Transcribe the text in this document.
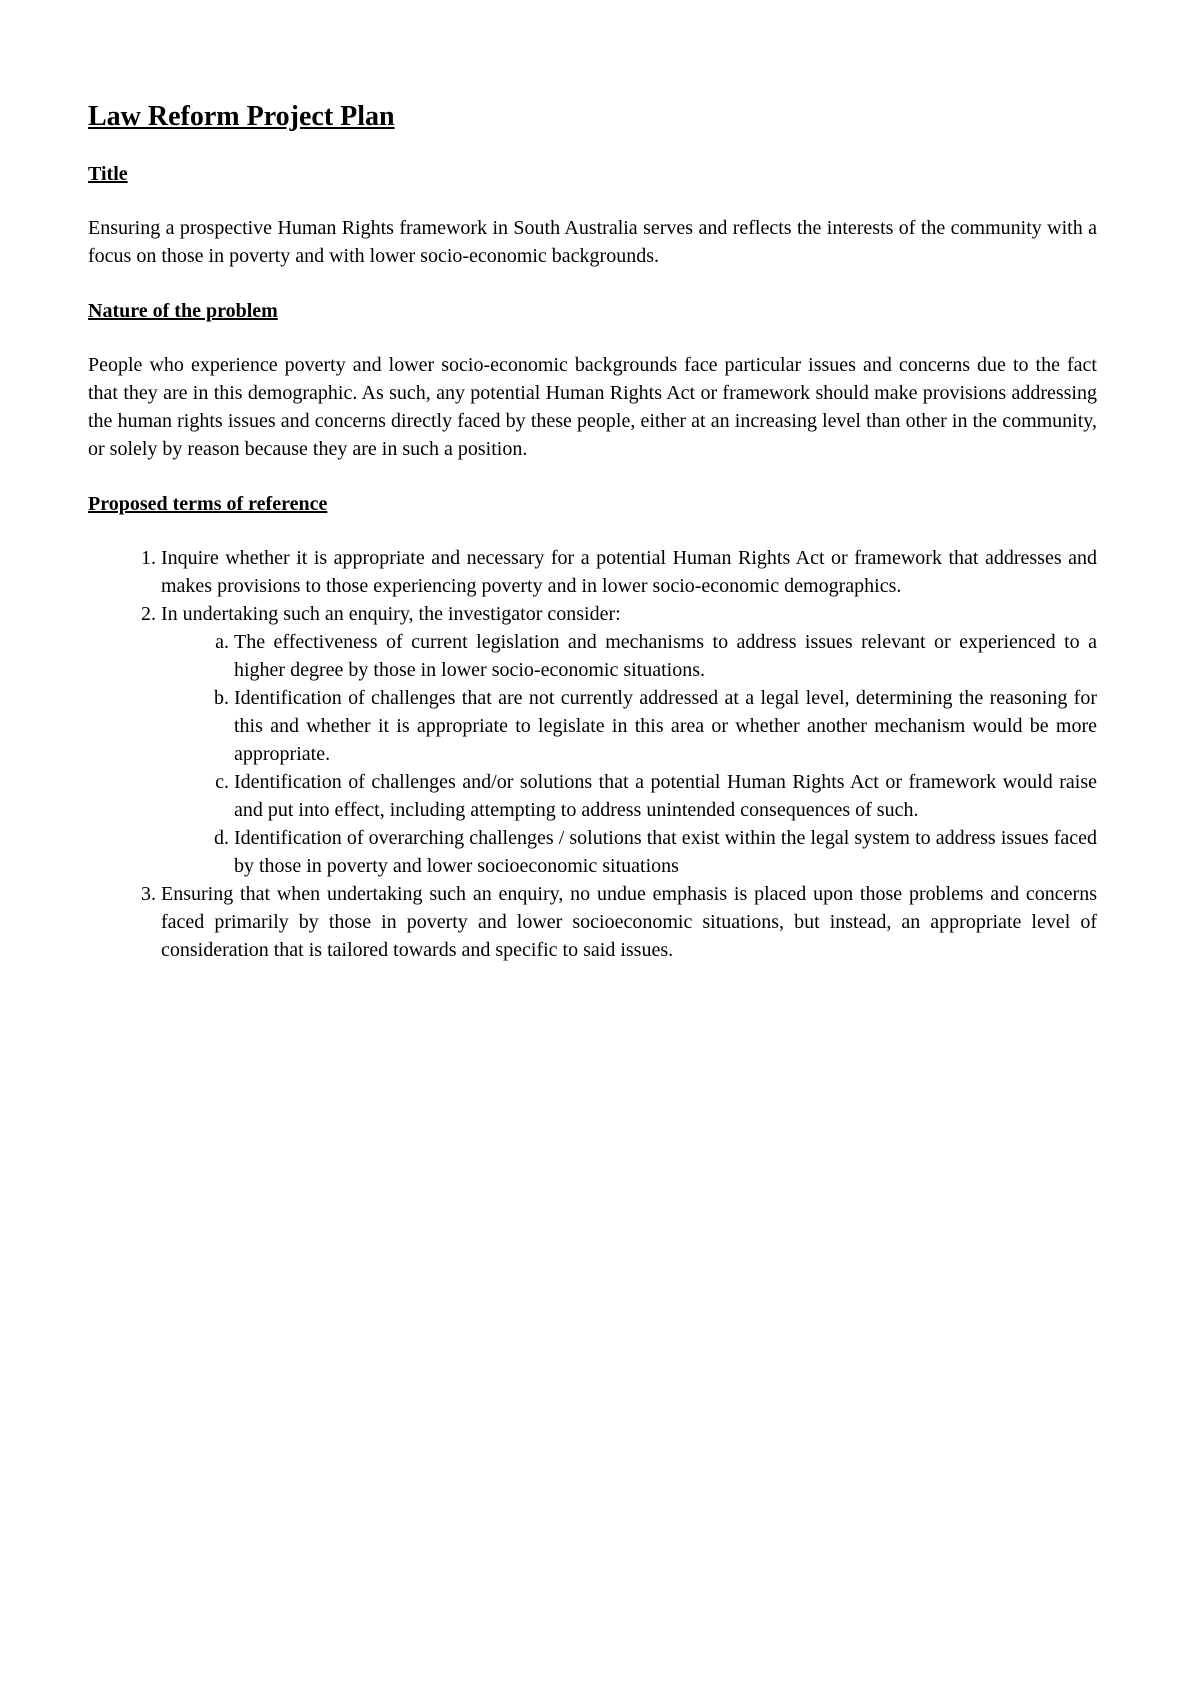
Law Reform Project Plan
Title

Ensuring a prospective Human Rights framework in South Australia serves and reflects the interests of the community with a focus on those in poverty and with lower socio-economic backgrounds.

Nature of the problem

People who experience poverty and lower socio-economic backgrounds face particular issues and concerns due to the fact that they are in this demographic. As such, any potential Human Rights Act or framework should make provisions addressing the human rights issues and concerns directly faced by these people, either at an increasing level than other in the community, or solely by reason because they are in such a position.

Proposed terms of reference
1. Inquire whether it is appropriate and necessary for a potential Human Rights Act or framework that addresses and makes provisions to those experiencing poverty and in lower socio-economic demographics.
2. In undertaking such an enquiry, the investigator consider:
a. The effectiveness of current legislation and mechanisms to address issues relevant or experienced to a higher degree by those in lower socio-economic situations.
b. Identification of challenges that are not currently addressed at a legal level, determining the reasoning for this and whether it is appropriate to legislate in this area or whether another mechanism would be more appropriate.
c. Identification of challenges and/or solutions that a potential Human Rights Act or framework would raise and put into effect, including attempting to address unintended consequences of such.
d. Identification of overarching challenges / solutions that exist within the legal system to address issues faced by those in poverty and lower socioeconomic situations
3. Ensuring that when undertaking such an enquiry, no undue emphasis is placed upon those problems and concerns faced primarily by those in poverty and lower socioeconomic situations, but instead, an appropriate level of consideration that is tailored towards and specific to said issues.
